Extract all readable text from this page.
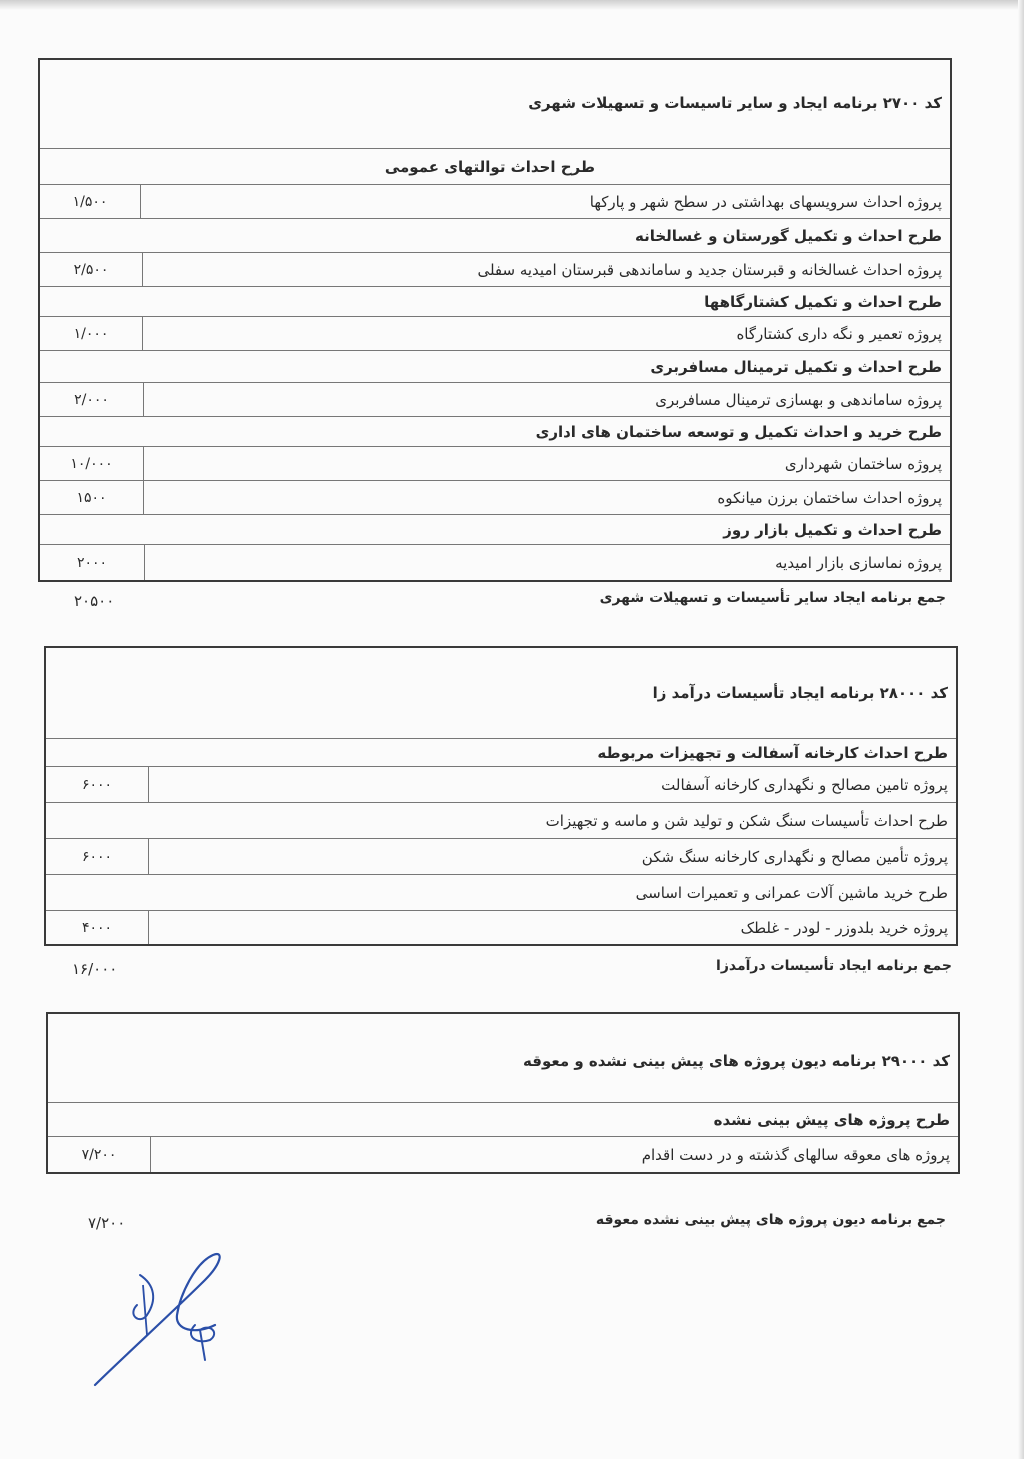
کد ۲۷۰۰ برنامه ایجاد و سایر تاسیسات و تسهیلات شهری
طرح احداث توالتهای عمومی
پروژه احداث سرویسهای بهداشتی در سطح شهر و پارکها
۱/۵۰۰
طرح احداث و تکمیل گورستان و غسالخانه
پروژه احداث غسالخانه و قبرستان جدید و ساماندهی قبرستان امیدیه سفلی
۲/۵۰۰
طرح احداث و تکمیل کشتارگاهها
پروژه تعمیر و نگه داری کشتارگاه
۱/۰۰۰
طرح احداث و تکمیل ترمینال مسافربری
پروژه ساماندهی و بهسازی ترمینال مسافربری
۲/۰۰۰
طرح خرید و احداث تکمیل و توسعه ساختمان های اداری
پروژه ساختمان شهرداری
۱۰/۰۰۰
پروژه احداث ساختمان برزن میانکوه
۱۵۰۰
طرح احداث و تکمیل بازار روز
پروژه نماسازی بازار امیدیه
۲۰۰۰
جمع برنامه ایجاد سایر تأسیسات و تسهیلات شهری
۲۰۵۰۰
کد ۲۸۰۰۰ برنامه ایجاد تأسیسات درآمد زا
طرح احداث کارخانه آسفالت و تجهیزات مربوطه
پروژه تامین مصالح و نگهداری کارخانه آسفالت
۶۰۰۰
طرح احداث تأسیسات سنگ شکن و تولید شن و ماسه و تجهیزات
پروژه تأمین مصالح و نگهداری کارخانه سنگ شکن
۶۰۰۰
طرح خرید ماشین آلات عمرانی و تعمیرات اساسی
پروژه خرید بلدوزر - لودر - غلطک
۴۰۰۰
جمع برنامه ایجاد تأسیسات درآمدزا
۱۶/۰۰۰
کد ۲۹۰۰۰ برنامه دیون پروژه های پیش بینی نشده و معوقه
طرح پروژه های پیش بینی نشده
پروژه های معوقه سالهای گذشته و در دست اقدام
۷/۲۰۰
جمع برنامه دیون پروژه های پیش بینی نشده معوقه
۷/۲۰۰
